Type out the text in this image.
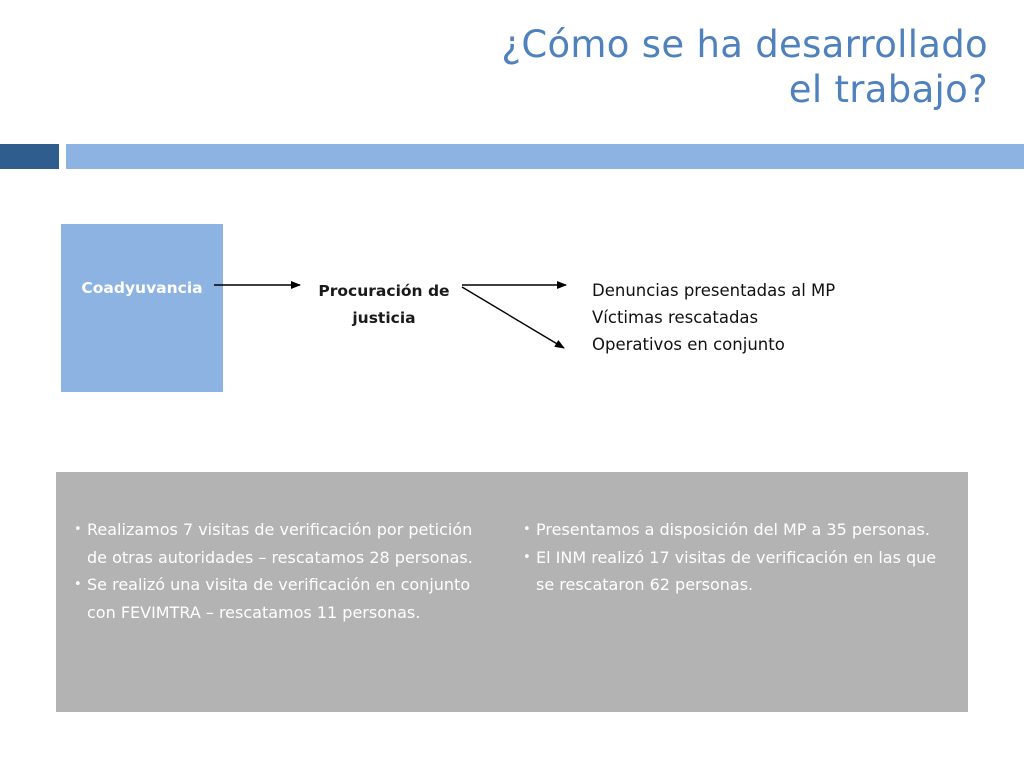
¿Cómo se ha desarrollado
el trabajo?
Coadyuvancia	Procuración de
justicia
Denuncias presentadas al MP
Víctimas rescatadas
Operativos en conjunto
• Realizamos 7 visitas de verificación por petición de otras autoridades – rescatamos 28 personas.
• Se realizó una visita de verificación en conjunto con FEVIMTRA – rescatamos 11 personas.
• Presentamos a disposición del MP a 35 personas.
• El INM realizó 17 visitas de verificación en las que se rescataron 62 personas.
